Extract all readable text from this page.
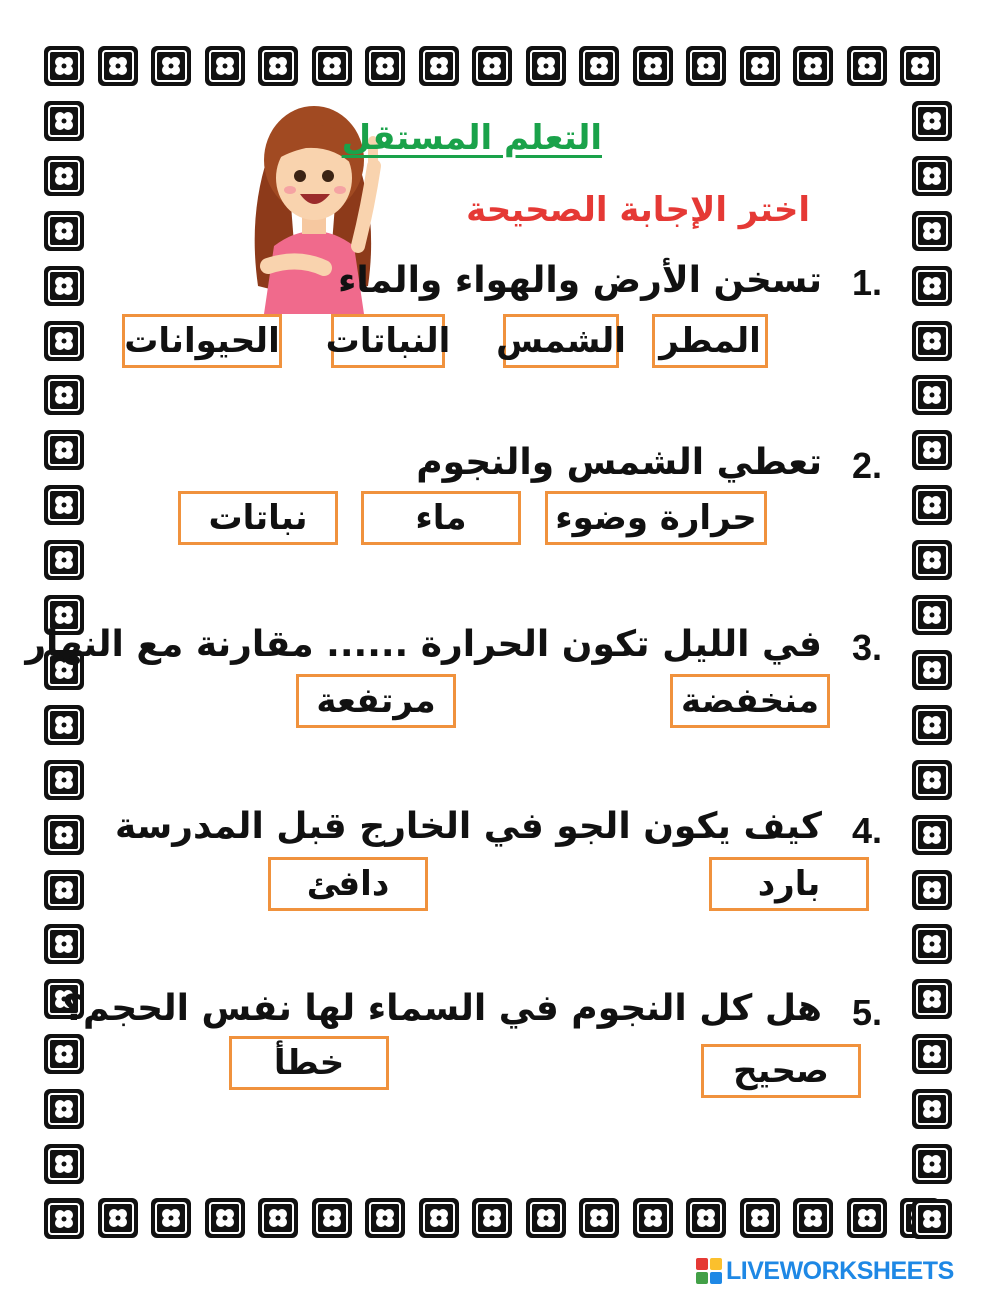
التعلم المستقل
اختر الإجابة الصحيحة
1.
تسخن الأرض والهواء والماء
المطر
الشمس
النباتات
الحيوانات
2.
تعطي الشمس والنجوم
حرارة وضوء
ماء
نباتات
3.
في الليل تكون الحرارة ...... مقارنة مع النهار
منخفضة
مرتفعة
4.
كيف يكون الجو في الخارج قبل المدرسة
بارد
دافئ
5.
هل كل النجوم في السماء لها نفس الحجم؟
صحيح
خطأ
LIVEWORKSHEETS
